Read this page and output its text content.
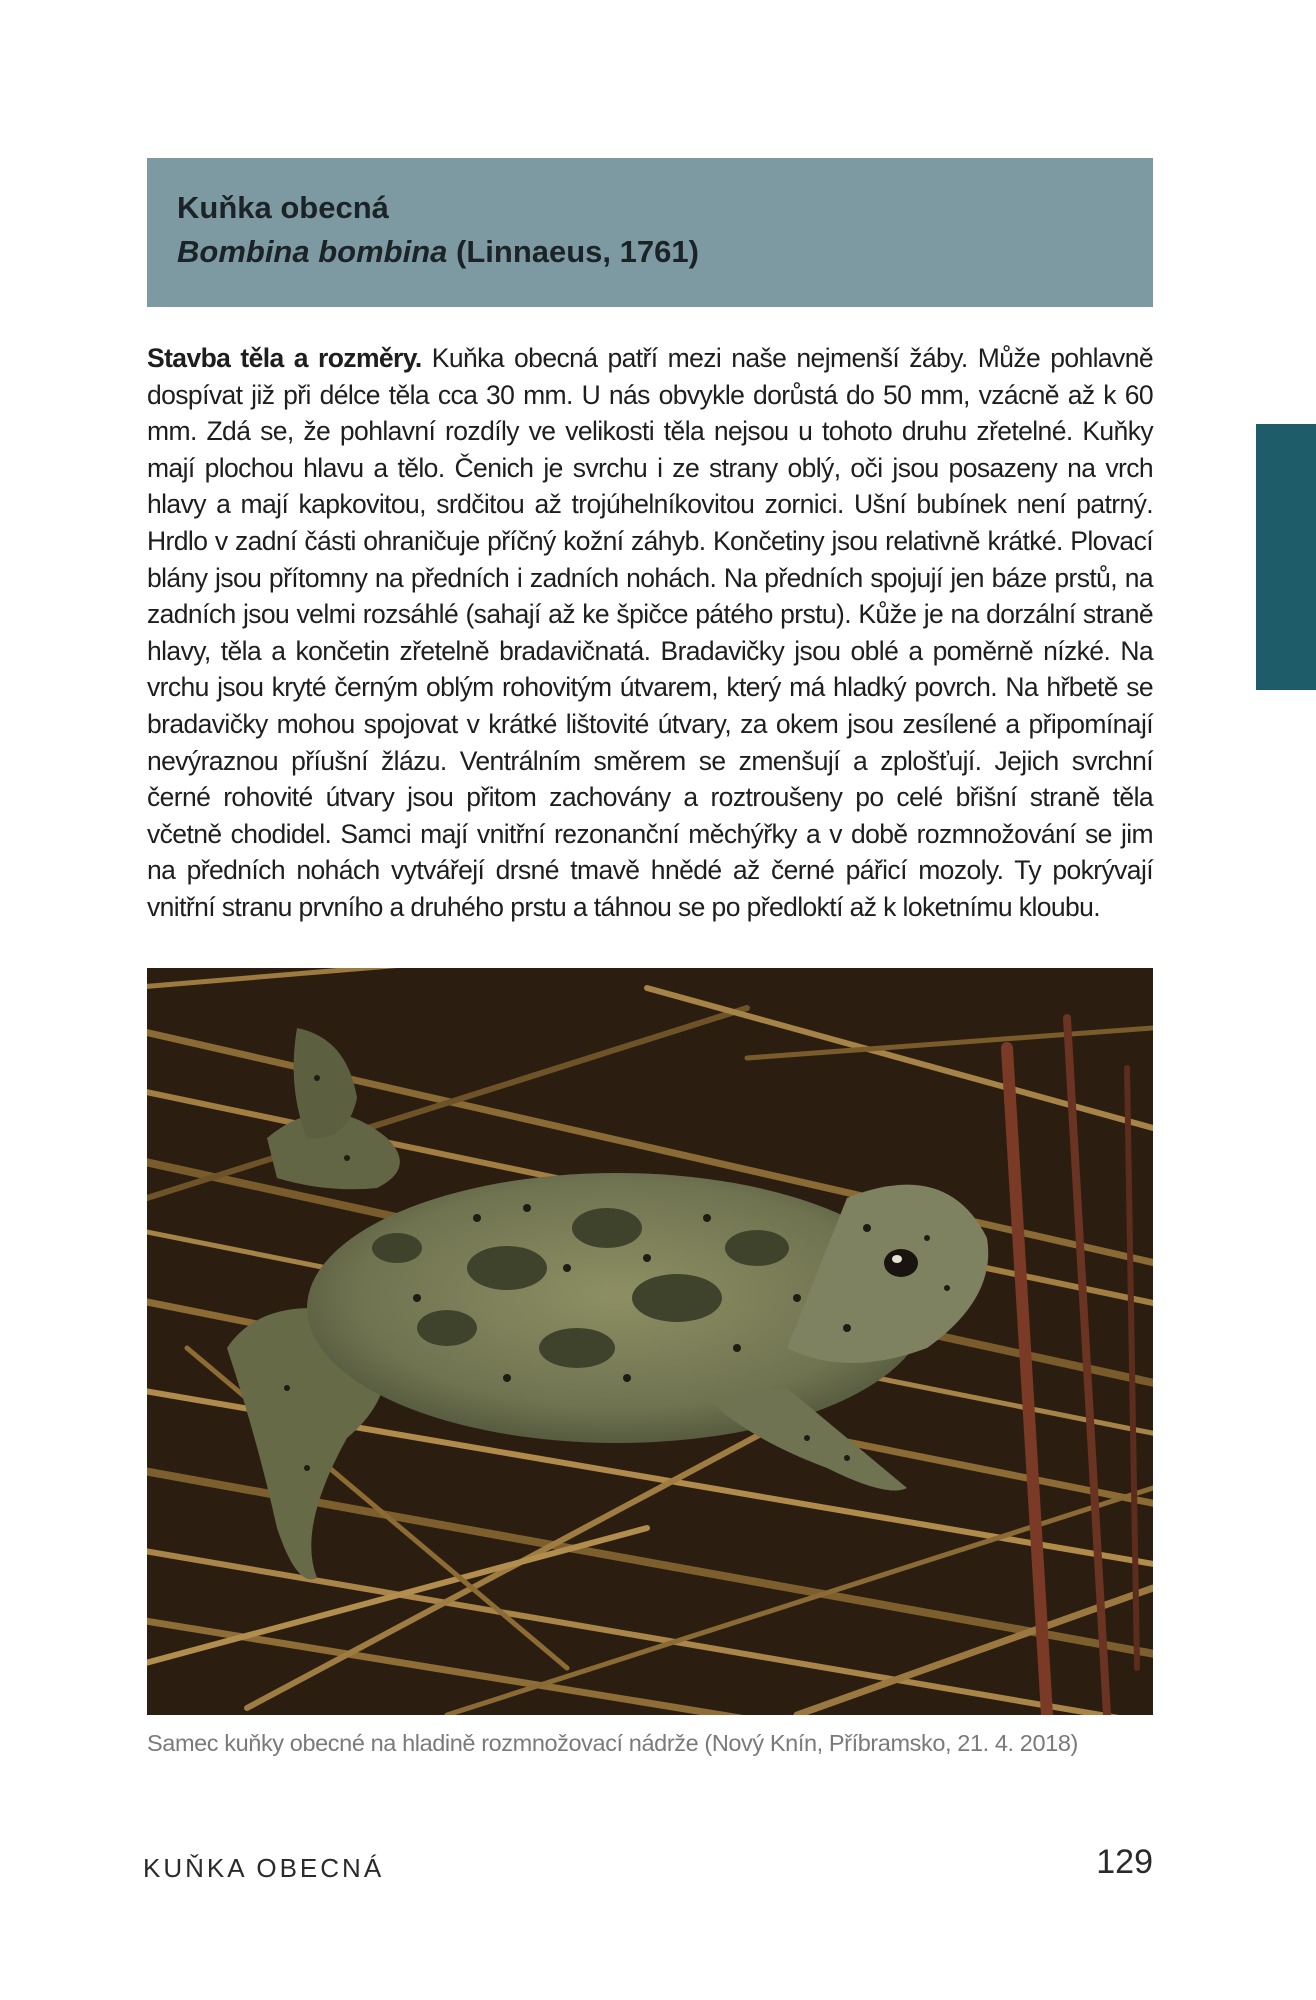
Kuňka obecná

Bombina bombina (Linnaeus, 1761)

Stavba těla a rozměry. Kuňka obecná patří mezi naše nejmenší žáby. Může pohlavně dospívat již při délce těla cca 30 mm. U nás obvykle dorůstá do 50 mm, vzácně až k 60 mm. Zdá se, že pohlavní rozdíly ve velikosti těla nejsou u tohoto druhu zřetelné. Kuňky mají plochou hlavu a tělo. Čenich je svrchu i ze strany oblý, oči jsou posazeny na vrch hlavy a mají kapkovitou, srdčitou až trojúhelníkovitou zornici. Ušní bubínek není patrný. Hrdlo v zadní části ohraničuje příčný kožní záhyb. Končetiny jsou relativně krátké. Plovací blány jsou přítomny na předních i zadních nohách. Na předních spojují jen báze prstů, na zadních jsou velmi rozsáhlé (sahají až ke špičce pátého prstu). Kůže je na dorzální straně hlavy, těla a končetin zřetelně bradavičnatá. Bradavičky jsou oblé a poměrně nízké. Na vrchu jsou kryté černým oblým rohovitým útvarem, který má hladký povrch. Na hřbetě se bradavičky mohou spojovat v krátké lištovité útvary, za okem jsou zesílené a připomínají nevýraznou příušní žlázu. Ventrálním směrem se zmenšují a zplošťují. Jejich svrchní černé rohovité útvary jsou přitom zachovány a roztroušeny po celé břišní straně těla včetně chodidel. Samci mají vnitřní rezonanční měchýřky a v době rozmnožování se jim na předních nohách vytvářejí drsné tmavě hnědé až černé pářicí mozoly. Ty pokrývají vnitřní stranu prvního a druhého prstu a táhnou se po předloktí až k loketnímu kloubu.

Samec kuňky obecné na hladině rozmnožovací nádrže (Nový Knín, Příbramsko, 21. 4. 2018)

KUŇKA OBECNÁ	129
